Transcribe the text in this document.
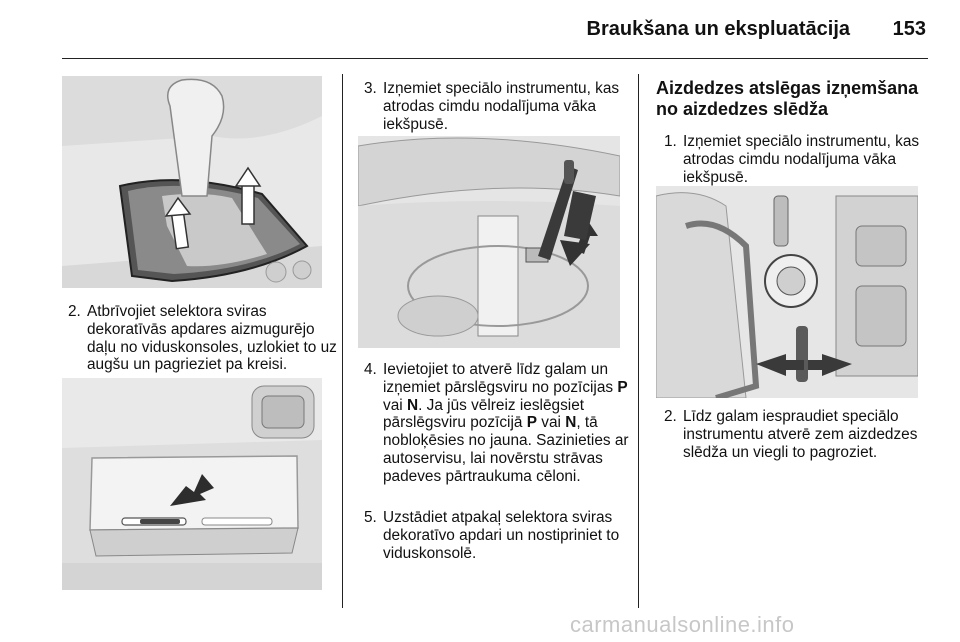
Braukšana un ekspluatācija	153
2. Atbrīvojiet selektora sviras dekoratīvās apdares aizmugurējo daļu no viduskonsoles, uzlokiet to uz augšu un pagrieziet pa kreisi.
3. Izņemiet speciālo instrumentu, kas atrodas cimdu nodalījuma vāka iekšpusē.
4. Ievietojiet to atverē līdz galam un izņemiet pārslēgsviru no pozīcijas P vai N. Ja jūs vēlreiz ieslēgsiet pārslēgsviru pozīcijā P vai N, tā nobloķēsies no jauna. Sazinieties ar autoservisu, lai novērstu strāvas padeves pārtraukuma cēloni.
5. Uzstādiet atpakaļ selektora sviras dekoratīvo apdari un nostipriniet to viduskonsolē.
Aizdedzes atslēgas izņemšana no aizdedzes slēdža
1. Izņemiet speciālo instrumentu, kas atrodas cimdu nodalījuma vāka iekšpusē.
2. Līdz galam iespraudiet speciālo instrumentu atverē zem aizdedzes slēdža un viegli to pagroziet.
carmanualsonline.info
